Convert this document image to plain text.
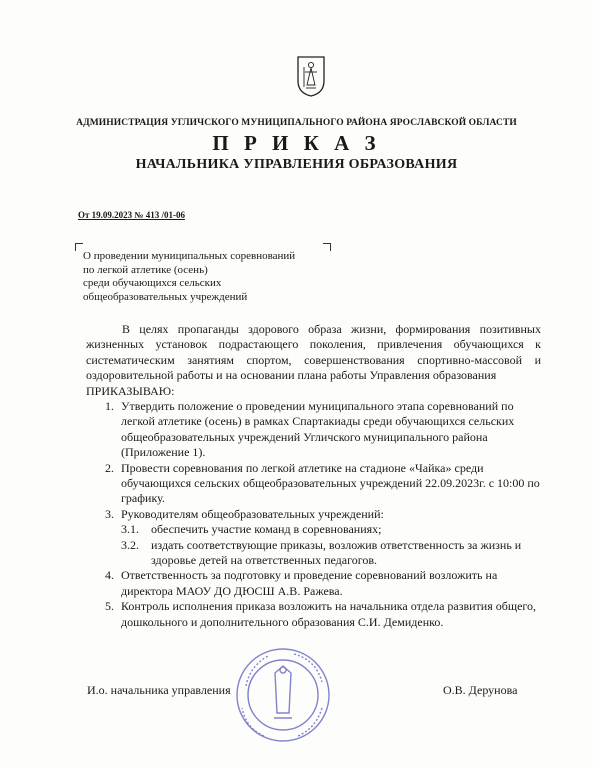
АДМИНИСТРАЦИЯ УГЛИЧСКОГО МУНИЦИПАЛЬНОГО РАЙОНА ЯРОСЛАВСКОЙ ОБЛАСТИ
П Р И К А З
НАЧАЛЬНИКА УПРАВЛЕНИЯ ОБРАЗОВАНИЯ
От 19.09.2023 № 413 /01-06
О проведении муниципальных соревнований
по легкой атлетике (осень)
среди обучающихся сельских
общеобразовательных учреждений
В целях пропаганды здорового образа жизни, формирования позитивных жизненных установок подрастающего поколения, привлечения обучающихся к систематическим занятиям спортом, совершенствования спортивно-массовой и оздоровительной работы и на основании плана работы Управления образования
ПРИКАЗЫВАЮ:
1. Утвердить положение о проведении муниципального этапа соревнований по легкой атлетике (осень) в рамках Спартакиады среди обучающихся сельских общеобразовательных учреждений Угличского муниципального района (Приложение 1).
2. Провести соревнования по легкой атлетике на стадионе «Чайка» среди обучающихся сельских общеобразовательных учреждений 22.09.2023г. с 10:00 по графику.
3. Руководителям общеобразовательных учреждений:
3.1. обеспечить участие команд в соревнованиях;
3.2. издать соответствующие приказы, возложив ответственность за жизнь и здоровье детей на ответственных педагогов.
4. Ответственность за подготовку и проведение соревнований возложить на директора МАОУ ДО ДЮСШ А.В. Ражева.
5. Контроль исполнения приказа возложить на начальника отдела развития общего, дошкольного и дополнительного образования С.И. Демиденко.
И.о. начальника управления	О.В. Дерунова
